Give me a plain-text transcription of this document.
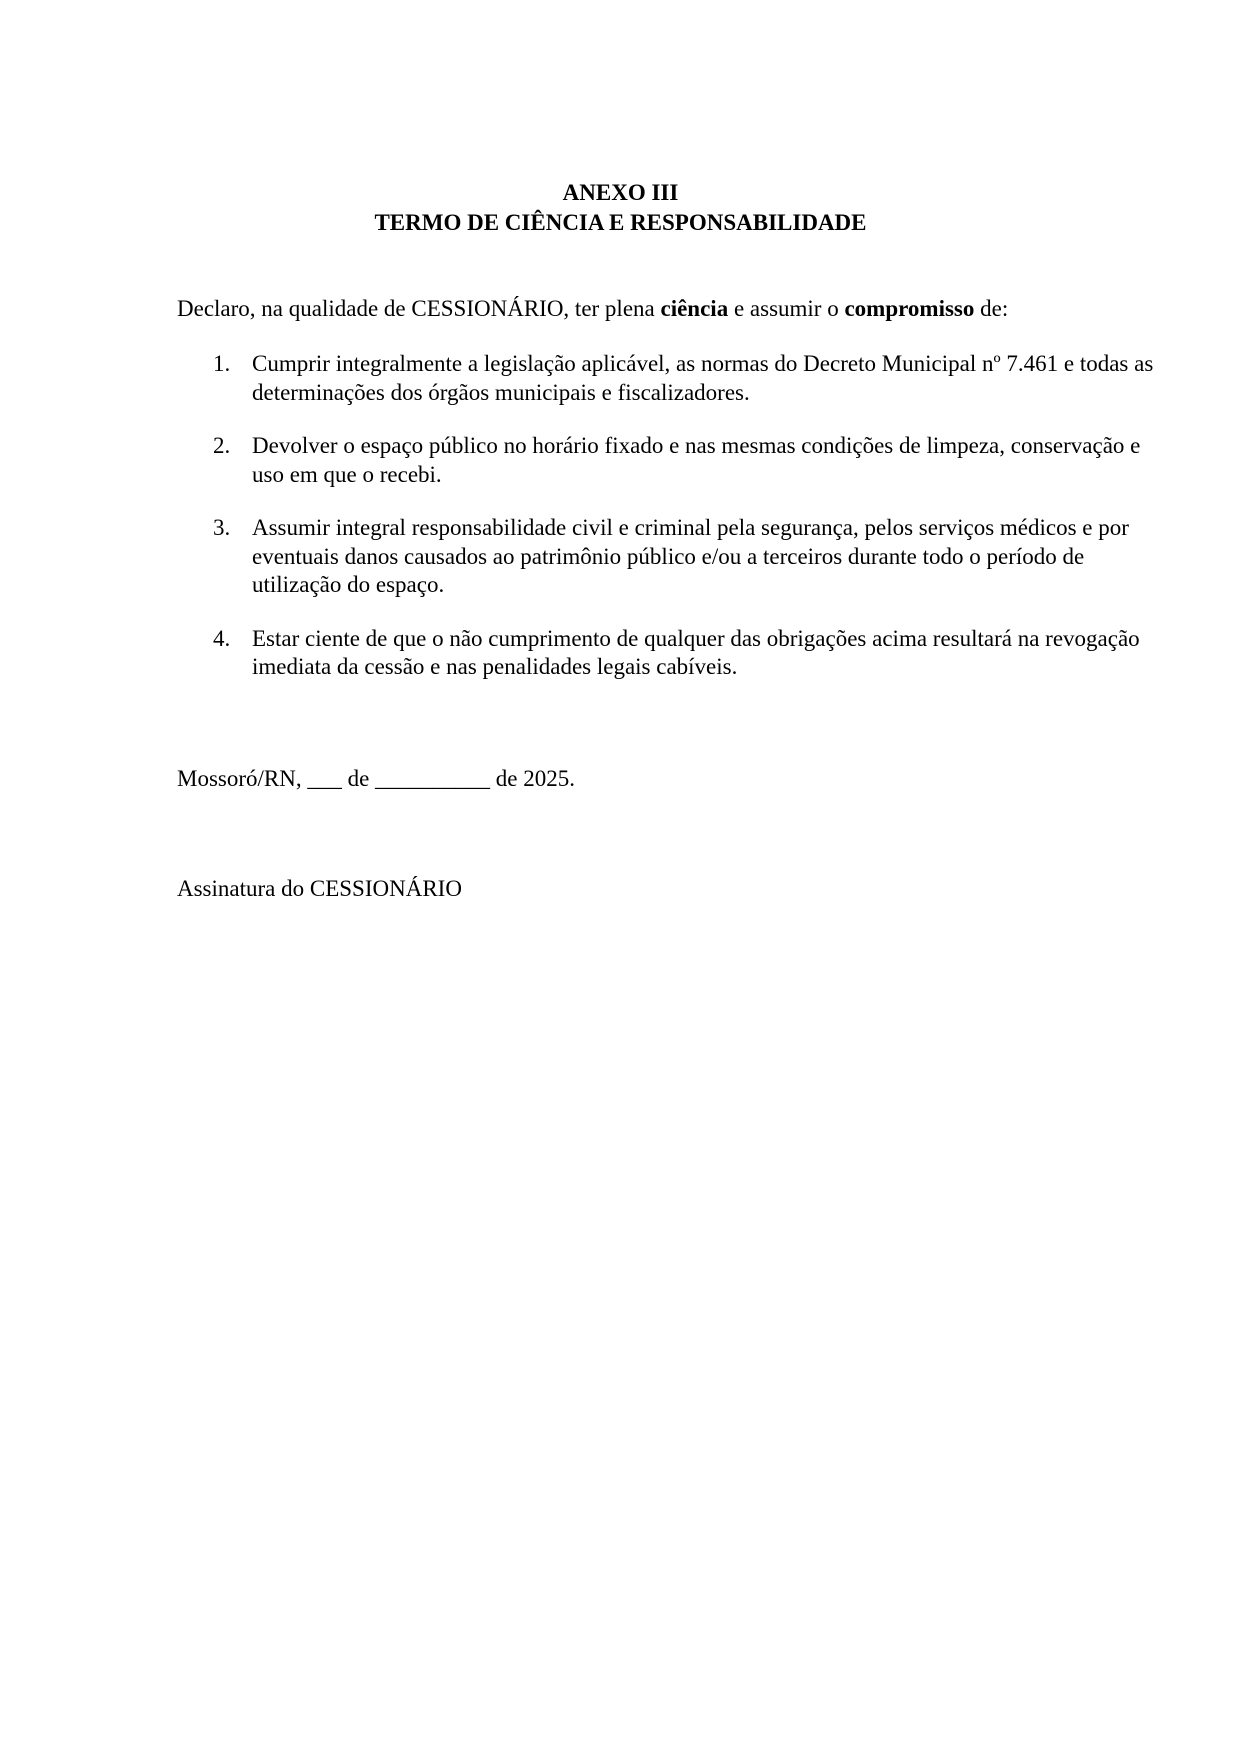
ANEXO III
TERMO DE CIÊNCIA E RESPONSABILIDADE
Declaro, na qualidade de CESSIONÁRIO, ter plena ciência e assumir o compromisso de:
1. Cumprir integralmente a legislação aplicável, as normas do Decreto Municipal nº 7.461 e todas as determinações dos órgãos municipais e fiscalizadores.
2. Devolver o espaço público no horário fixado e nas mesmas condições de limpeza, conservação e uso em que o recebi.
3. Assumir integral responsabilidade civil e criminal pela segurança, pelos serviços médicos e por eventuais danos causados ao patrimônio público e/ou a terceiros durante todo o período de utilização do espaço.
4. Estar ciente de que o não cumprimento de qualquer das obrigações acima resultará na revogação imediata da cessão e nas penalidades legais cabíveis.
Mossoró/RN, ___ de __________ de 2025.
Assinatura do CESSIONÁRIO
